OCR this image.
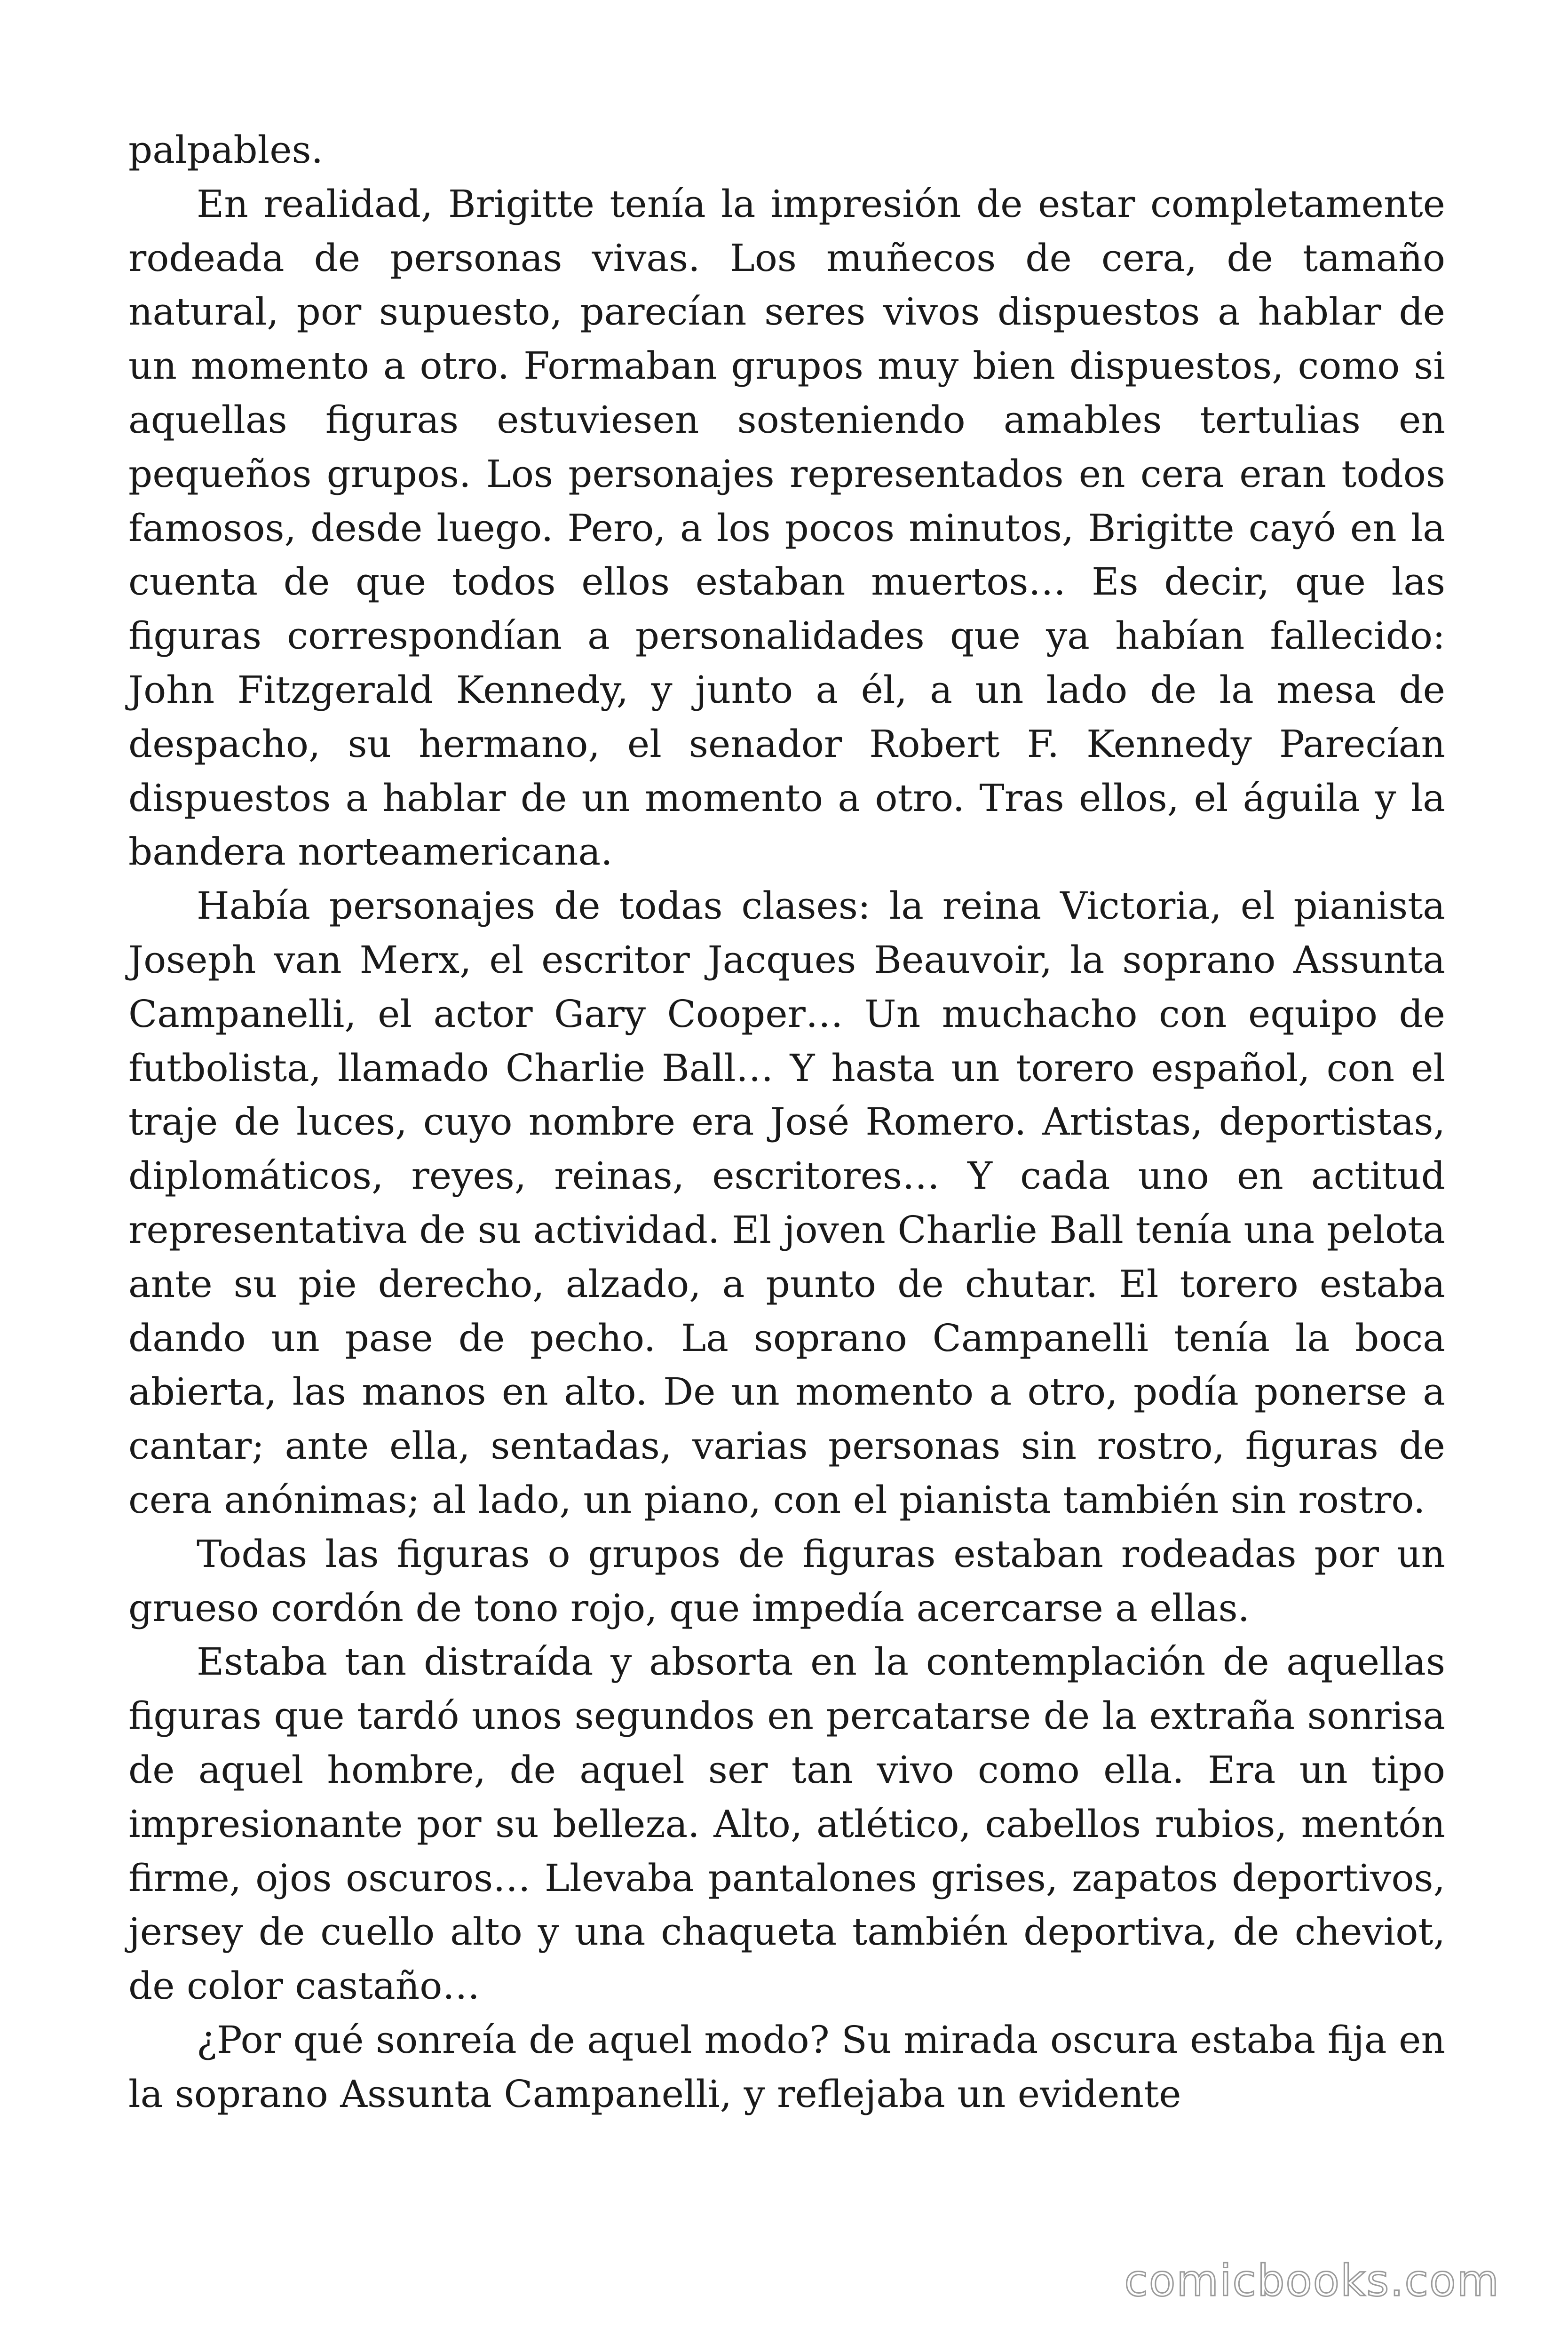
palpables.

En realidad, Brigitte tenía la impresión de estar completamente rodeada de personas vivas. Los muñecos de cera, de tamaño natural, por supuesto, parecían seres vivos dispuestos a hablar de un momento a otro. Formaban grupos muy bien dispuestos, como si aquellas figuras estuviesen sosteniendo amables tertulias en pequeños grupos. Los personajes representados en cera eran todos famosos, desde luego. Pero, a los pocos minutos, Brigitte cayó en la cuenta de que todos ellos estaban muertos… Es decir, que las figuras correspondían a personalidades que ya habían fallecido: John Fitzgerald Kennedy, y junto a él, a un lado de la mesa de despacho, su hermano, el senador Robert F. Kennedy Parecían dispuestos a hablar de un momento a otro. Tras ellos, el águila y la bandera norteamericana.

Había personajes de todas clases: la reina Victoria, el pianista Joseph van Merx, el escritor Jacques Beauvoir, la soprano Assunta Campanelli, el actor Gary Cooper… Un muchacho con equipo de futbolista, llamado Charlie Ball… Y hasta un torero español, con el traje de luces, cuyo nombre era José Romero. Artistas, deportistas, diplomáticos, reyes, reinas, escritores… Y cada uno en actitud representativa de su actividad. El joven Charlie Ball tenía una pelota ante su pie derecho, alzado, a punto de chutar. El torero estaba dando un pase de pecho. La soprano Campanelli tenía la boca abierta, las manos en alto. De un momento a otro, podía ponerse a cantar; ante ella, sentadas, varias personas sin rostro, figuras de cera anónimas; al lado, un piano, con el pianista también sin rostro.

Todas las figuras o grupos de figuras estaban rodeadas por un grueso cordón de tono rojo, que impedía acercarse a ellas.

Estaba tan distraída y absorta en la contemplación de aquellas figuras que tardó unos segundos en percatarse de la extraña sonrisa de aquel hombre, de aquel ser tan vivo como ella. Era un tipo impresionante por su belleza. Alto, atlético, cabellos rubios, mentón firme, ojos oscuros… Llevaba pantalones grises, zapatos deportivos, jersey de cuello alto y una chaqueta también deportiva, de cheviot, de color castaño…

¿Por qué sonreía de aquel modo? Su mirada oscura estaba fija en la soprano Assunta Campanelli, y reflejaba un evidente

comicbooks.com
